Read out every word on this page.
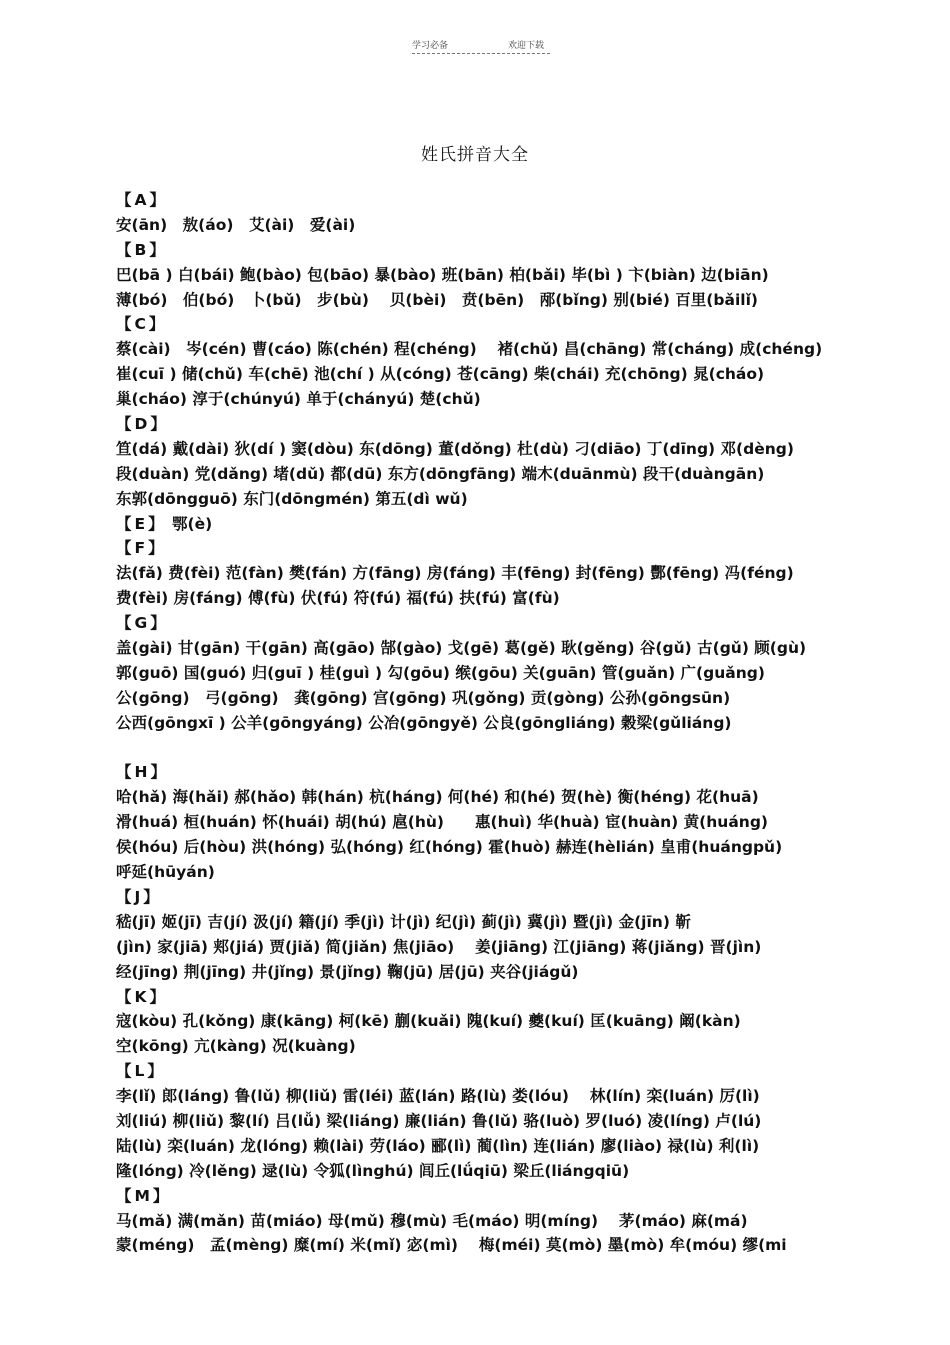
学习必备	欢迎下载
姓氏拼音大全
【A】
安(ān)　敖(áo)　艾(ài)　爱(ài)
【B】
巴(bā ) 白(bái) 鲍(bào) 包(bāo) 暴(bào) 班(bān) 柏(bǎi) 毕(bì ) 卞(biàn) 边(biān)
薄(bó)　伯(bó)　卜(bǔ)　步(bù)　 贝(bèi)　贲(bēn)　邴(bǐng) 别(bié) 百里(bǎilǐ)
【C】
蔡(cài)　岑(cén) 曹(cáo) 陈(chén) 程(chéng)　 褚(chǔ) 昌(chāng) 常(cháng) 成(chéng)
崔(cuī ) 储(chǔ) 车(chē) 池(chí ) 从(cóng) 苍(cāng) 柴(chái) 充(chōng) 晁(cháo)
巢(cháo) 淳于(chúnyú) 单于(chányú) 楚(chǔ)
【D】
笪(dá) 戴(dài) 狄(dí ) 窦(dòu) 东(dōng) 董(dǒng) 杜(dù) 刁(diāo) 丁(dīng) 邓(dèng)
段(duàn) 党(dǎng) 堵(dǔ) 都(dū) 东方(dōngfāng) 端木(duānmù) 段干(duàngān)
东郭(dōngguō) 东门(dōngmén) 第五(dì wǔ)
【E】 鄂(è)
【F】
法(fǎ) 费(fèi) 范(fàn) 樊(fán) 方(fāng) 房(fáng) 丰(fēng) 封(fēng) 酆(fēng) 冯(féng)
费(fèi) 房(fáng) 傅(fù) 伏(fú) 符(fú) 福(fú) 扶(fú) 富(fù)
【G】
盖(gài) 甘(gān) 干(gān) 高(gāo) 郜(gào) 戈(gē) 葛(gě) 耿(gěng) 谷(gǔ) 古(gǔ) 顾(gù)
郭(guō) 国(guó) 归(guī ) 桂(guì ) 勾(gōu) 缑(gōu) 关(guān) 管(guǎn) 广(guǎng)
公(gōng)　弓(gōng)　龚(gōng) 宫(gōng) 巩(gǒng) 贡(gòng) 公孙(gōngsūn)
公西(gōngxī ) 公羊(gōngyáng) 公冶(gōngyě) 公良(gōngliáng) 穀梁(gǔliáng)
【H】
哈(hǎ) 海(hǎi) 郝(hǎo) 韩(hán) 杭(háng) 何(hé) 和(hé) 贺(hè) 衡(héng) 花(huā)
滑(huá) 桓(huán) 怀(huái) 胡(hú) 扈(hù)　　惠(huì) 华(huà) 宦(huàn) 黄(huáng)
侯(hóu) 后(hòu) 洪(hóng) 弘(hóng) 红(hóng) 霍(huò) 赫连(hèlián) 皇甫(huángpǔ)
呼延(hūyán)
【J】
嵇(jī) 姬(jī) 吉(jí) 汲(jí) 籍(jí) 季(jì) 计(jì) 纪(jì) 蓟(jì) 冀(jì) 暨(jì) 金(jīn) 靳
(jìn) 家(jiā) 郏(jiá) 贾(jiǎ) 简(jiǎn) 焦(jiāo)　 姜(jiāng) 江(jiāng) 蒋(jiǎng) 晋(jìn)
经(jīng) 荆(jīng) 井(jǐng) 景(jǐng) 鞠(jū) 居(jū) 夹谷(jiágǔ)
【K】
寇(kòu) 孔(kǒng) 康(kāng) 柯(kē) 蒯(kuǎi) 隗(kuí) 夔(kuí) 匡(kuāng) 阚(kàn)
空(kōng) 亢(kàng) 况(kuàng)
【L】
李(lǐ) 郎(láng) 鲁(lǔ) 柳(liǔ) 雷(léi) 蓝(lán) 路(lù) 娄(lóu)　 林(lín) 栾(luán) 厉(lì)
刘(liú) 柳(liǔ) 黎(lí) 吕(lǚ) 梁(liáng) 廉(lián) 鲁(lǔ) 骆(luò) 罗(luó) 凌(líng) 卢(lú)
陆(lù) 栾(luán) 龙(lóng) 赖(lài) 劳(láo) 郦(lì) 蔺(lìn) 连(lián) 廖(liào) 禄(lù) 利(lì)
隆(lóng) 冷(lěng) 逯(lù) 令狐(lìnghú) 闾丘(lǘqiū) 梁丘(liángqiū)
【M】
马(mǎ) 满(mǎn) 苗(miáo) 母(mǔ) 穆(mù) 毛(máo) 明(míng)　 茅(máo) 麻(má)
蒙(méng)　孟(mèng) 糜(mí) 米(mǐ) 宓(mì)　 梅(méi) 莫(mò) 墨(mò) 牟(móu) 缪(mi
